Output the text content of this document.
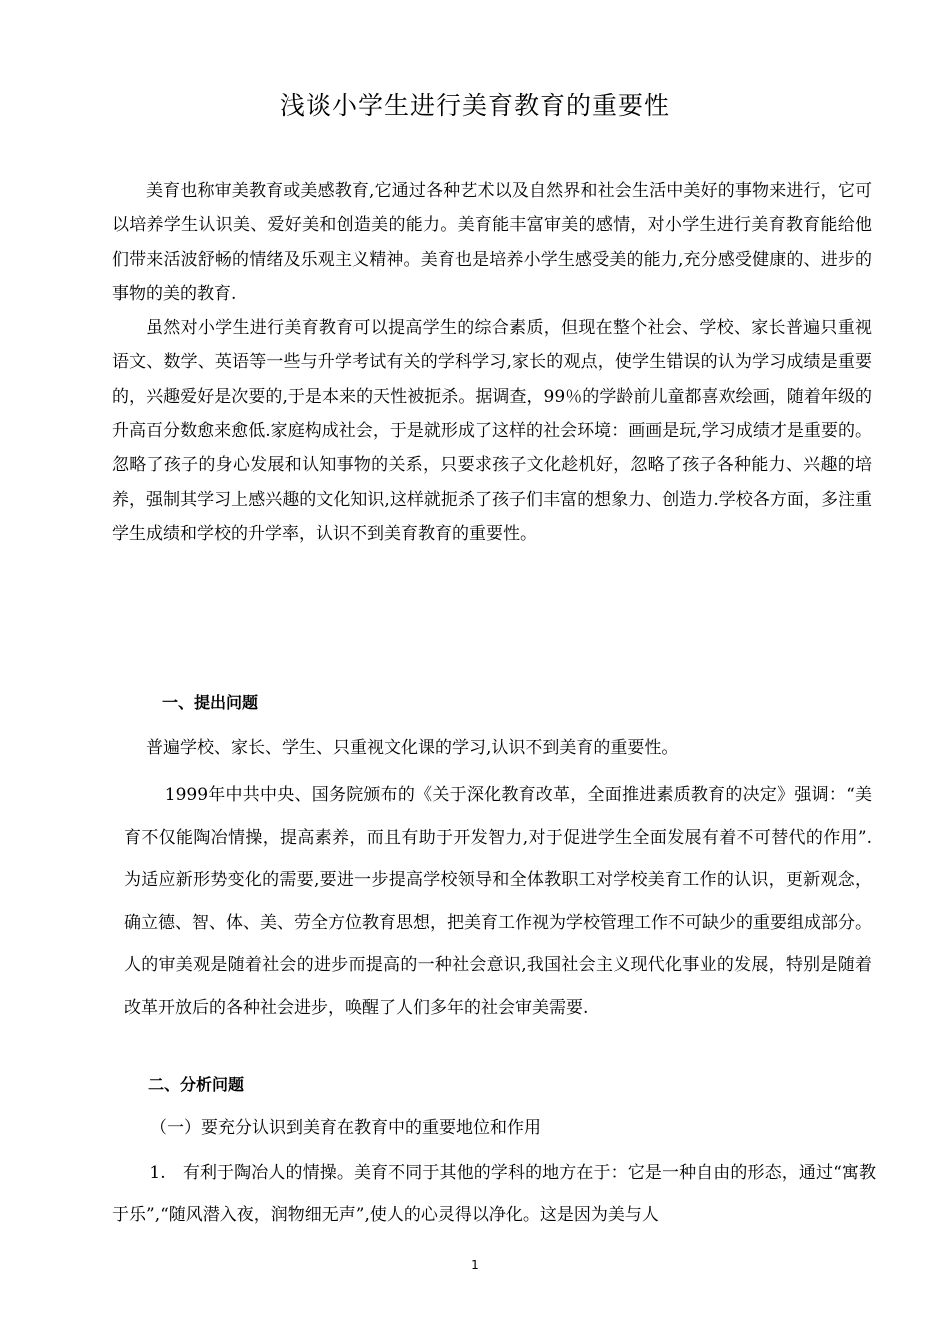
浅谈小学生进行美育教育的重要性

美育也称审美教育或美感教育,它通过各种艺术以及自然界和社会生活中美好的事物来进行，它可以培养学生认识美、爱好美和创造美的能力。美育能丰富审美的感情，对小学生进行美育教育能给他们带来活波舒畅的情绪及乐观主义精神。美育也是培养小学生感受美的能力,充分感受健康的、进步的事物的美的教育.

虽然对小学生进行美育教育可以提高学生的综合素质，但现在整个社会、学校、家长普遍只重视语文、数学、英语等一些与升学考试有关的学科学习,家长的观点，使学生错误的认为学习成绩是重要的，兴趣爱好是次要的,于是本来的天性被扼杀。据调查，99％的学龄前儿童都喜欢绘画，随着年级的升高百分数愈来愈低.家庭构成社会，于是就形成了这样的社会环境：画画是玩,学习成绩才是重要的。忽略了孩子的身心发展和认知事物的关系，只要求孩子文化趁机好，忽略了孩子各种能力、兴趣的培养，强制其学习上感兴趣的文化知识,这样就扼杀了孩子们丰富的想象力、创造力.学校各方面，多注重学生成绩和学校的升学率，认识不到美育教育的重要性。

一、提出问题

普遍学校、家长、学生、只重视文化课的学习,认识不到美育的重要性。

1999年中共中央、国务院颁布的《关于深化教育改革，全面推进素质教育的决定》强调：“美育不仅能陶冶情操，提高素养，而且有助于开发智力,对于促进学生全面发展有着不可替代的作用”.为适应新形势变化的需要,要进一步提高学校领导和全体教职工对学校美育工作的认识，更新观念，确立德、智、体、美、劳全方位教育思想，把美育工作视为学校管理工作不可缺少的重要组成部分。人的审美观是随着社会的进步而提高的一种社会意识,我国社会主义现代化事业的发展，特别是随着改革开放后的各种社会进步，唤醒了人们多年的社会审美需要.

二、分析问题
（一）要充分认识到美育在教育中的重要地位和作用

1.　有利于陶冶人的情操。美育不同于其他的学科的地方在于：它是一种自由的形态，通过“寓教于乐”,“随风潜入夜，润物细无声”,使人的心灵得以净化。这是因为美与人

1
